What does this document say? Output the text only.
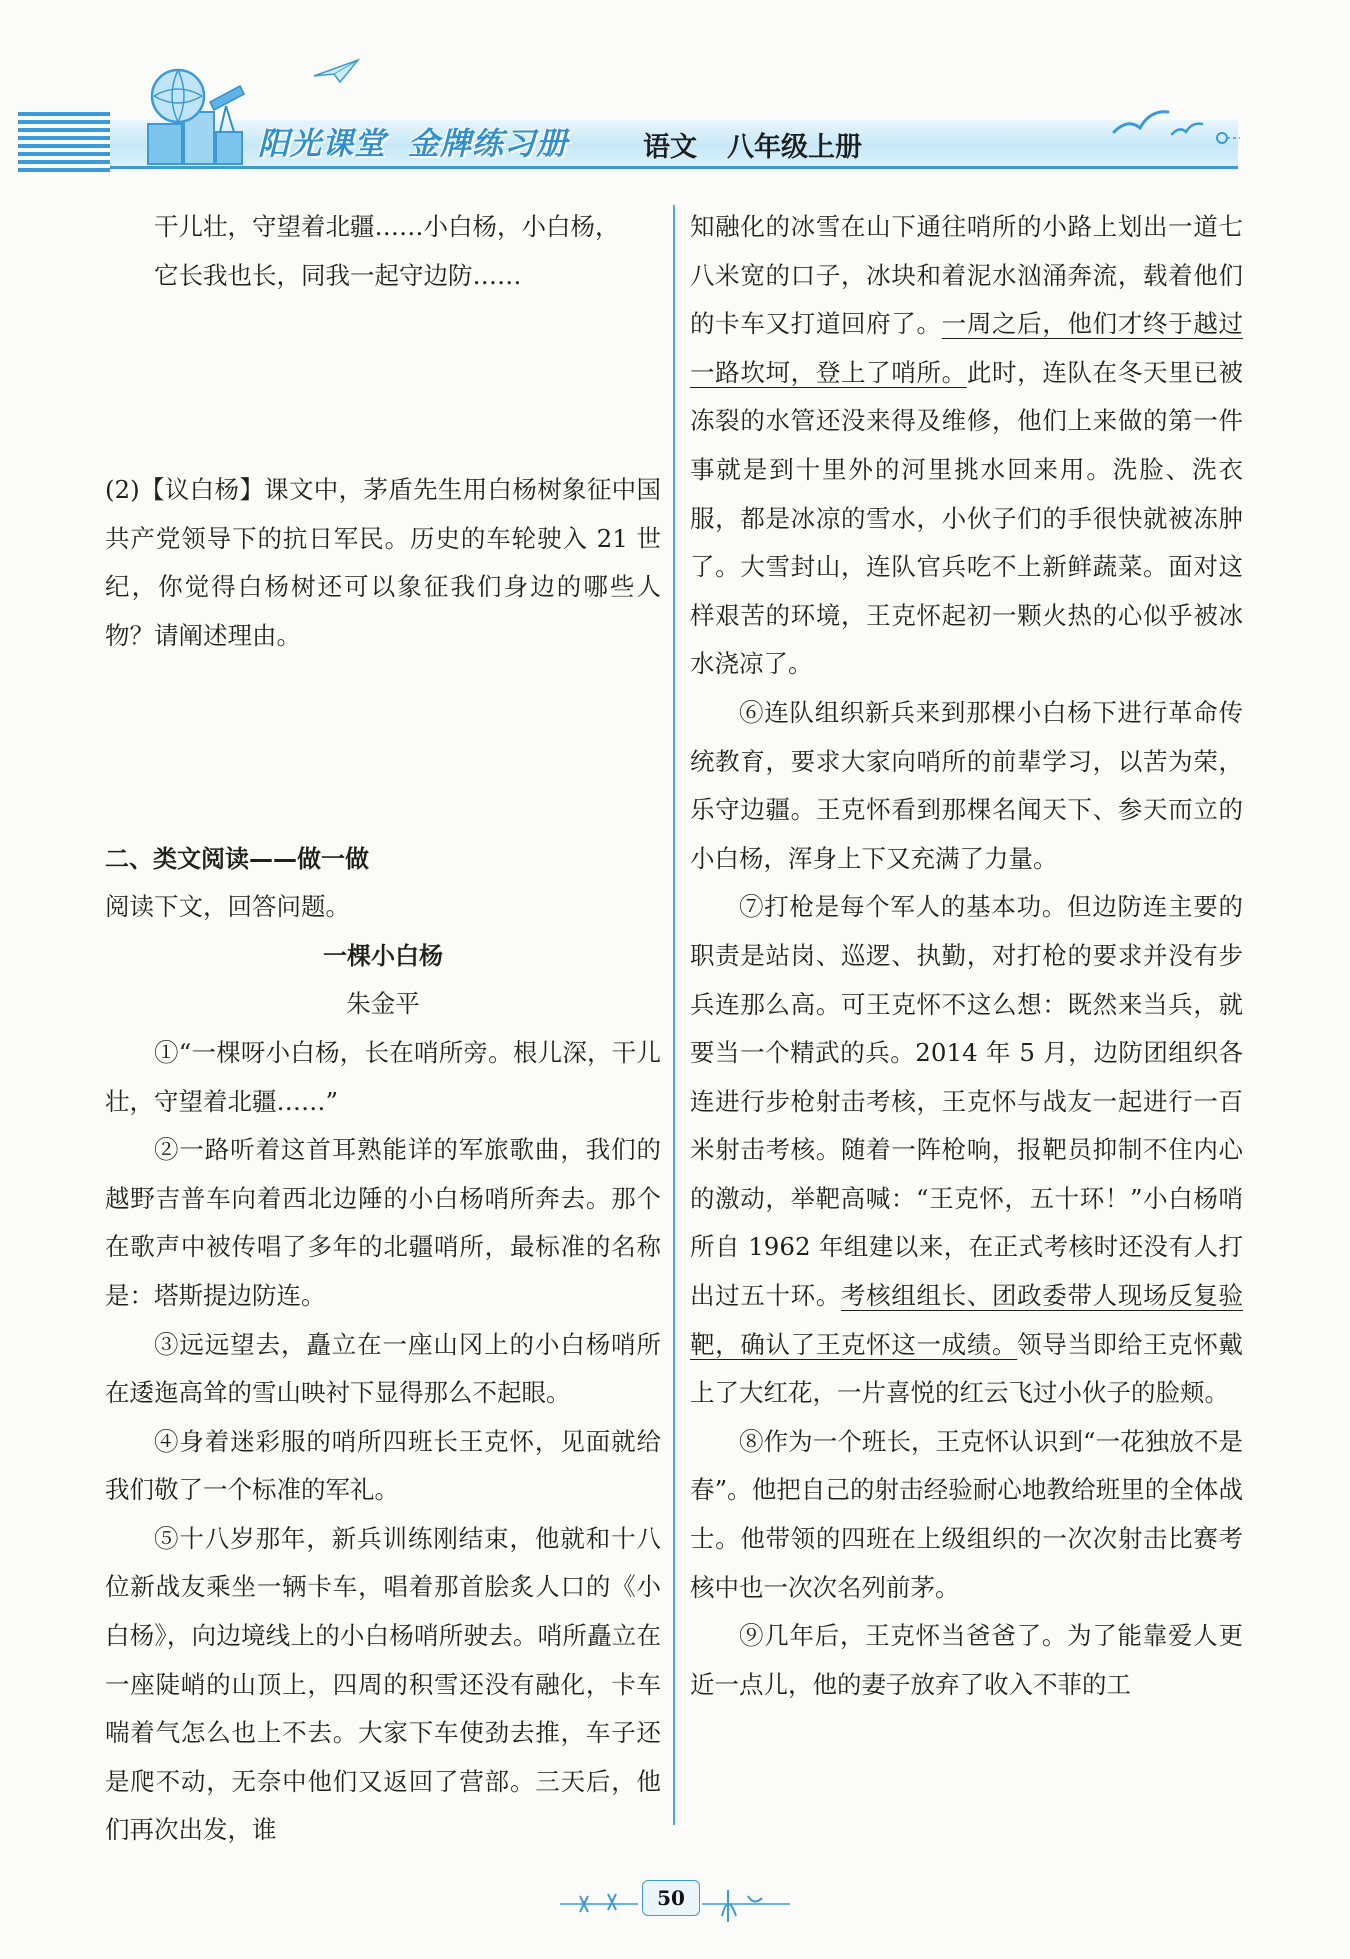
阳光课堂 金牌练习册	语文 八年级上册

干儿壮，守望着北疆……小白杨，小白杨，

它长我也长，同我一起守边防……

(2)【议白杨】课文中，茅盾先生用白杨树象征中国共产党领导下的抗日军民。历史的车轮驶入 21 世纪，你觉得白杨树还可以象征我们身边的哪些人物？请阐述理由。

二、类文阅读——做一做

阅读下文，回答问题。

一棵小白杨

朱金平

①“一棵呀小白杨，长在哨所旁。根儿深，干儿壮，守望着北疆……”

②一路听着这首耳熟能详的军旅歌曲，我们的越野吉普车向着西北边陲的小白杨哨所奔去。那个在歌声中被传唱了多年的北疆哨所，最标准的名称是：塔斯提边防连。

③远远望去，矗立在一座山冈上的小白杨哨所在逶迤高耸的雪山映衬下显得那么不起眼。

④身着迷彩服的哨所四班长王克怀，见面就给我们敬了一个标准的军礼。

⑤十八岁那年，新兵训练刚结束，他就和十八位新战友乘坐一辆卡车，唱着那首脍炙人口的《小白杨》，向边境线上的小白杨哨所驶去。哨所矗立在一座陡峭的山顶上，四周的积雪还没有融化，卡车喘着气怎么也上不去。大家下车使劲去推，车子还是爬不动，无奈中他们又返回了营部。三天后，他们再次出发，谁

知融化的冰雪在山下通往哨所的小路上划出一道七八米宽的口子，冰块和着泥水汹涌奔流，载着他们的卡车又打道回府了。一周之后，他们才终于越过一路坎坷，登上了哨所。此时，连队在冬天里已被冻裂的水管还没来得及维修，他们上来做的第一件事就是到十里外的河里挑水回来用。洗脸、洗衣服，都是冰凉的雪水，小伙子们的手很快就被冻肿了。大雪封山，连队官兵吃不上新鲜蔬菜。面对这样艰苦的环境，王克怀起初一颗火热的心似乎被冰水浇凉了。

⑥连队组织新兵来到那棵小白杨下进行革命传统教育，要求大家向哨所的前辈学习，以苦为荣，乐守边疆。王克怀看到那棵名闻天下、参天而立的小白杨，浑身上下又充满了力量。

⑦打枪是每个军人的基本功。但边防连主要的职责是站岗、巡逻、执勤，对打枪的要求并没有步兵连那么高。可王克怀不这么想：既然来当兵，就要当一个精武的兵。2014 年 5 月，边防团组织各连进行步枪射击考核，王克怀与战友一起进行一百米射击考核。随着一阵枪响，报靶员抑制不住内心的激动，举靶高喊：“王克怀，五十环！”小白杨哨所自 1962 年组建以来，在正式考核时还没有人打出过五十环。考核组组长、团政委带人现场反复验靶，确认了王克怀这一成绩。领导当即给王克怀戴上了大红花，一片喜悦的红云飞过小伙子的脸颊。

⑧作为一个班长，王克怀认识到“一花独放不是春”。他把自己的射击经验耐心地教给班里的全体战士。他带领的四班在上级组织的一次次射击比赛考核中也一次次名列前茅。

⑨几年后，王克怀当爸爸了。为了能靠爱人更近一点儿，他的妻子放弃了收入不菲的工

50
